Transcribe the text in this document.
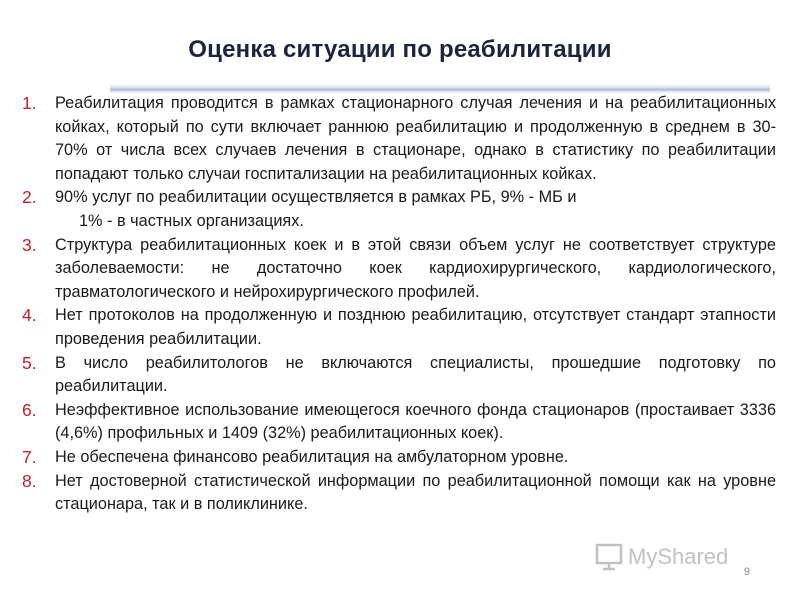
Оценка ситуации по реабилитации
1.	Реабилитация проводится в рамках стационарного случая лечения и на реабилитационных койках, который по сути включает раннюю реабилитацию и продолженную в среднем в 30-70% от числа всех случаев лечения в стационаре, однако в статистику по реабилитации попадают только случаи госпитализации на реабилитационных койках.
2.	90% услуг по реабилитации осуществляется в рамках РБ, 9% - МБ и
1% - в частных организациях.
3.	Структура реабилитационных коек и в этой связи объем услуг не соответствует структуре заболеваемости: не достаточно коек кардиохирургического, кардиологического, травматологического и нейрохирургического профилей.
4.	Нет протоколов на продолженную и позднюю реабилитацию, отсутствует стандарт этапности проведения реабилитации.
5.	В число реабилитологов не включаются специалисты, прошедшие подготовку по реабилитации.
6.	Неэффективное использование имеющегося коечного фонда стационаров (простаивает 3336 (4,6%) профильных и 1409 (32%) реабилитационных коек).
7.	Не обеспечена финансово реабилитация на амбулаторном уровне.
8.	Нет достоверной статистической информации по реабилитационной помощи как на уровне стационара, так и в поликлинике.
MyShared
9
